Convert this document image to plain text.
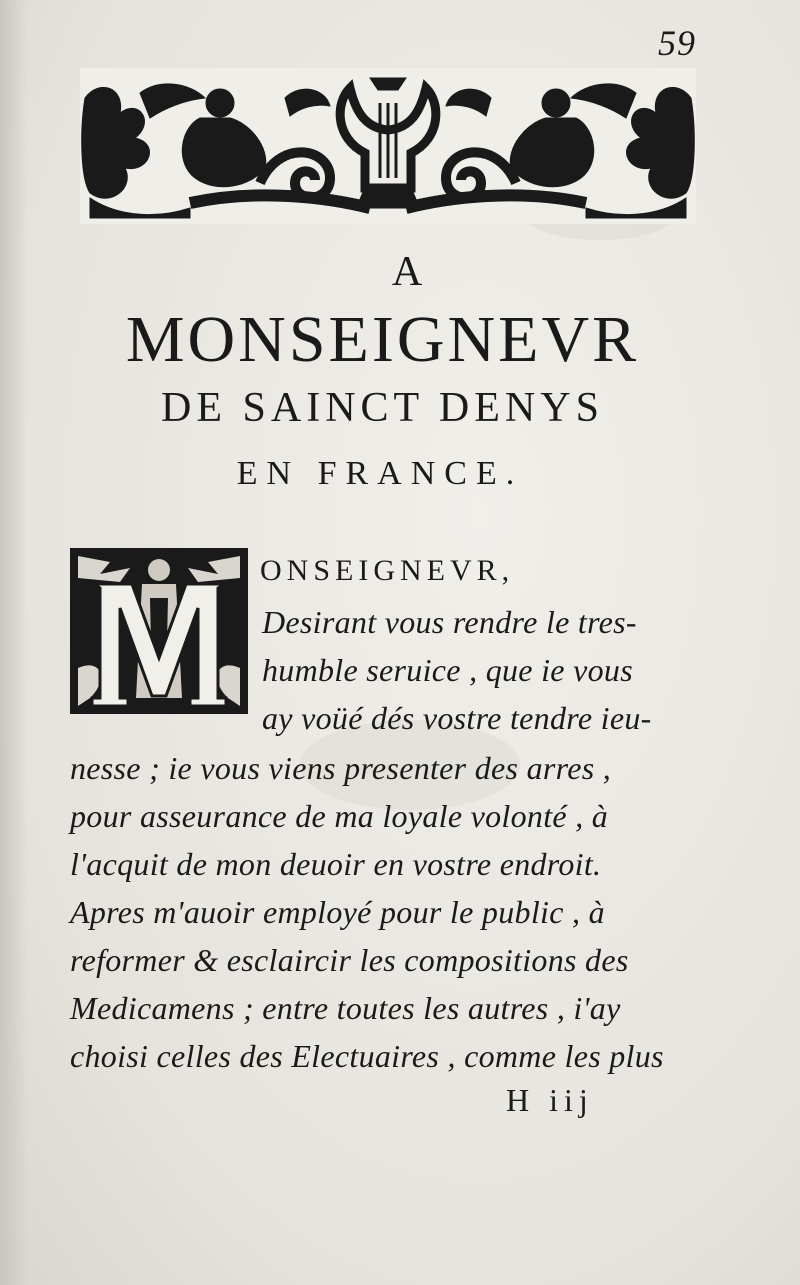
59
A
MONSEIGNEVR
DE SAINCT DENYS
EN FRANCE.
ONSEIGNEVR,
Desirant vous rendre le tres-
humble seruice , que ie vous
ay voüé dés vostre tendre ieu-
nesse ; ie vous viens presenter des arres ,
pour asseurance de ma loyale volonté , à
l'acquit de mon deuoir en vostre endroit.
Apres m'auoir employé pour le public , à
reformer & esclaircir les compositions des
Medicamens ; entre toutes les autres , i'ay
choisi celles des Electuaires , comme les plus
H iij
